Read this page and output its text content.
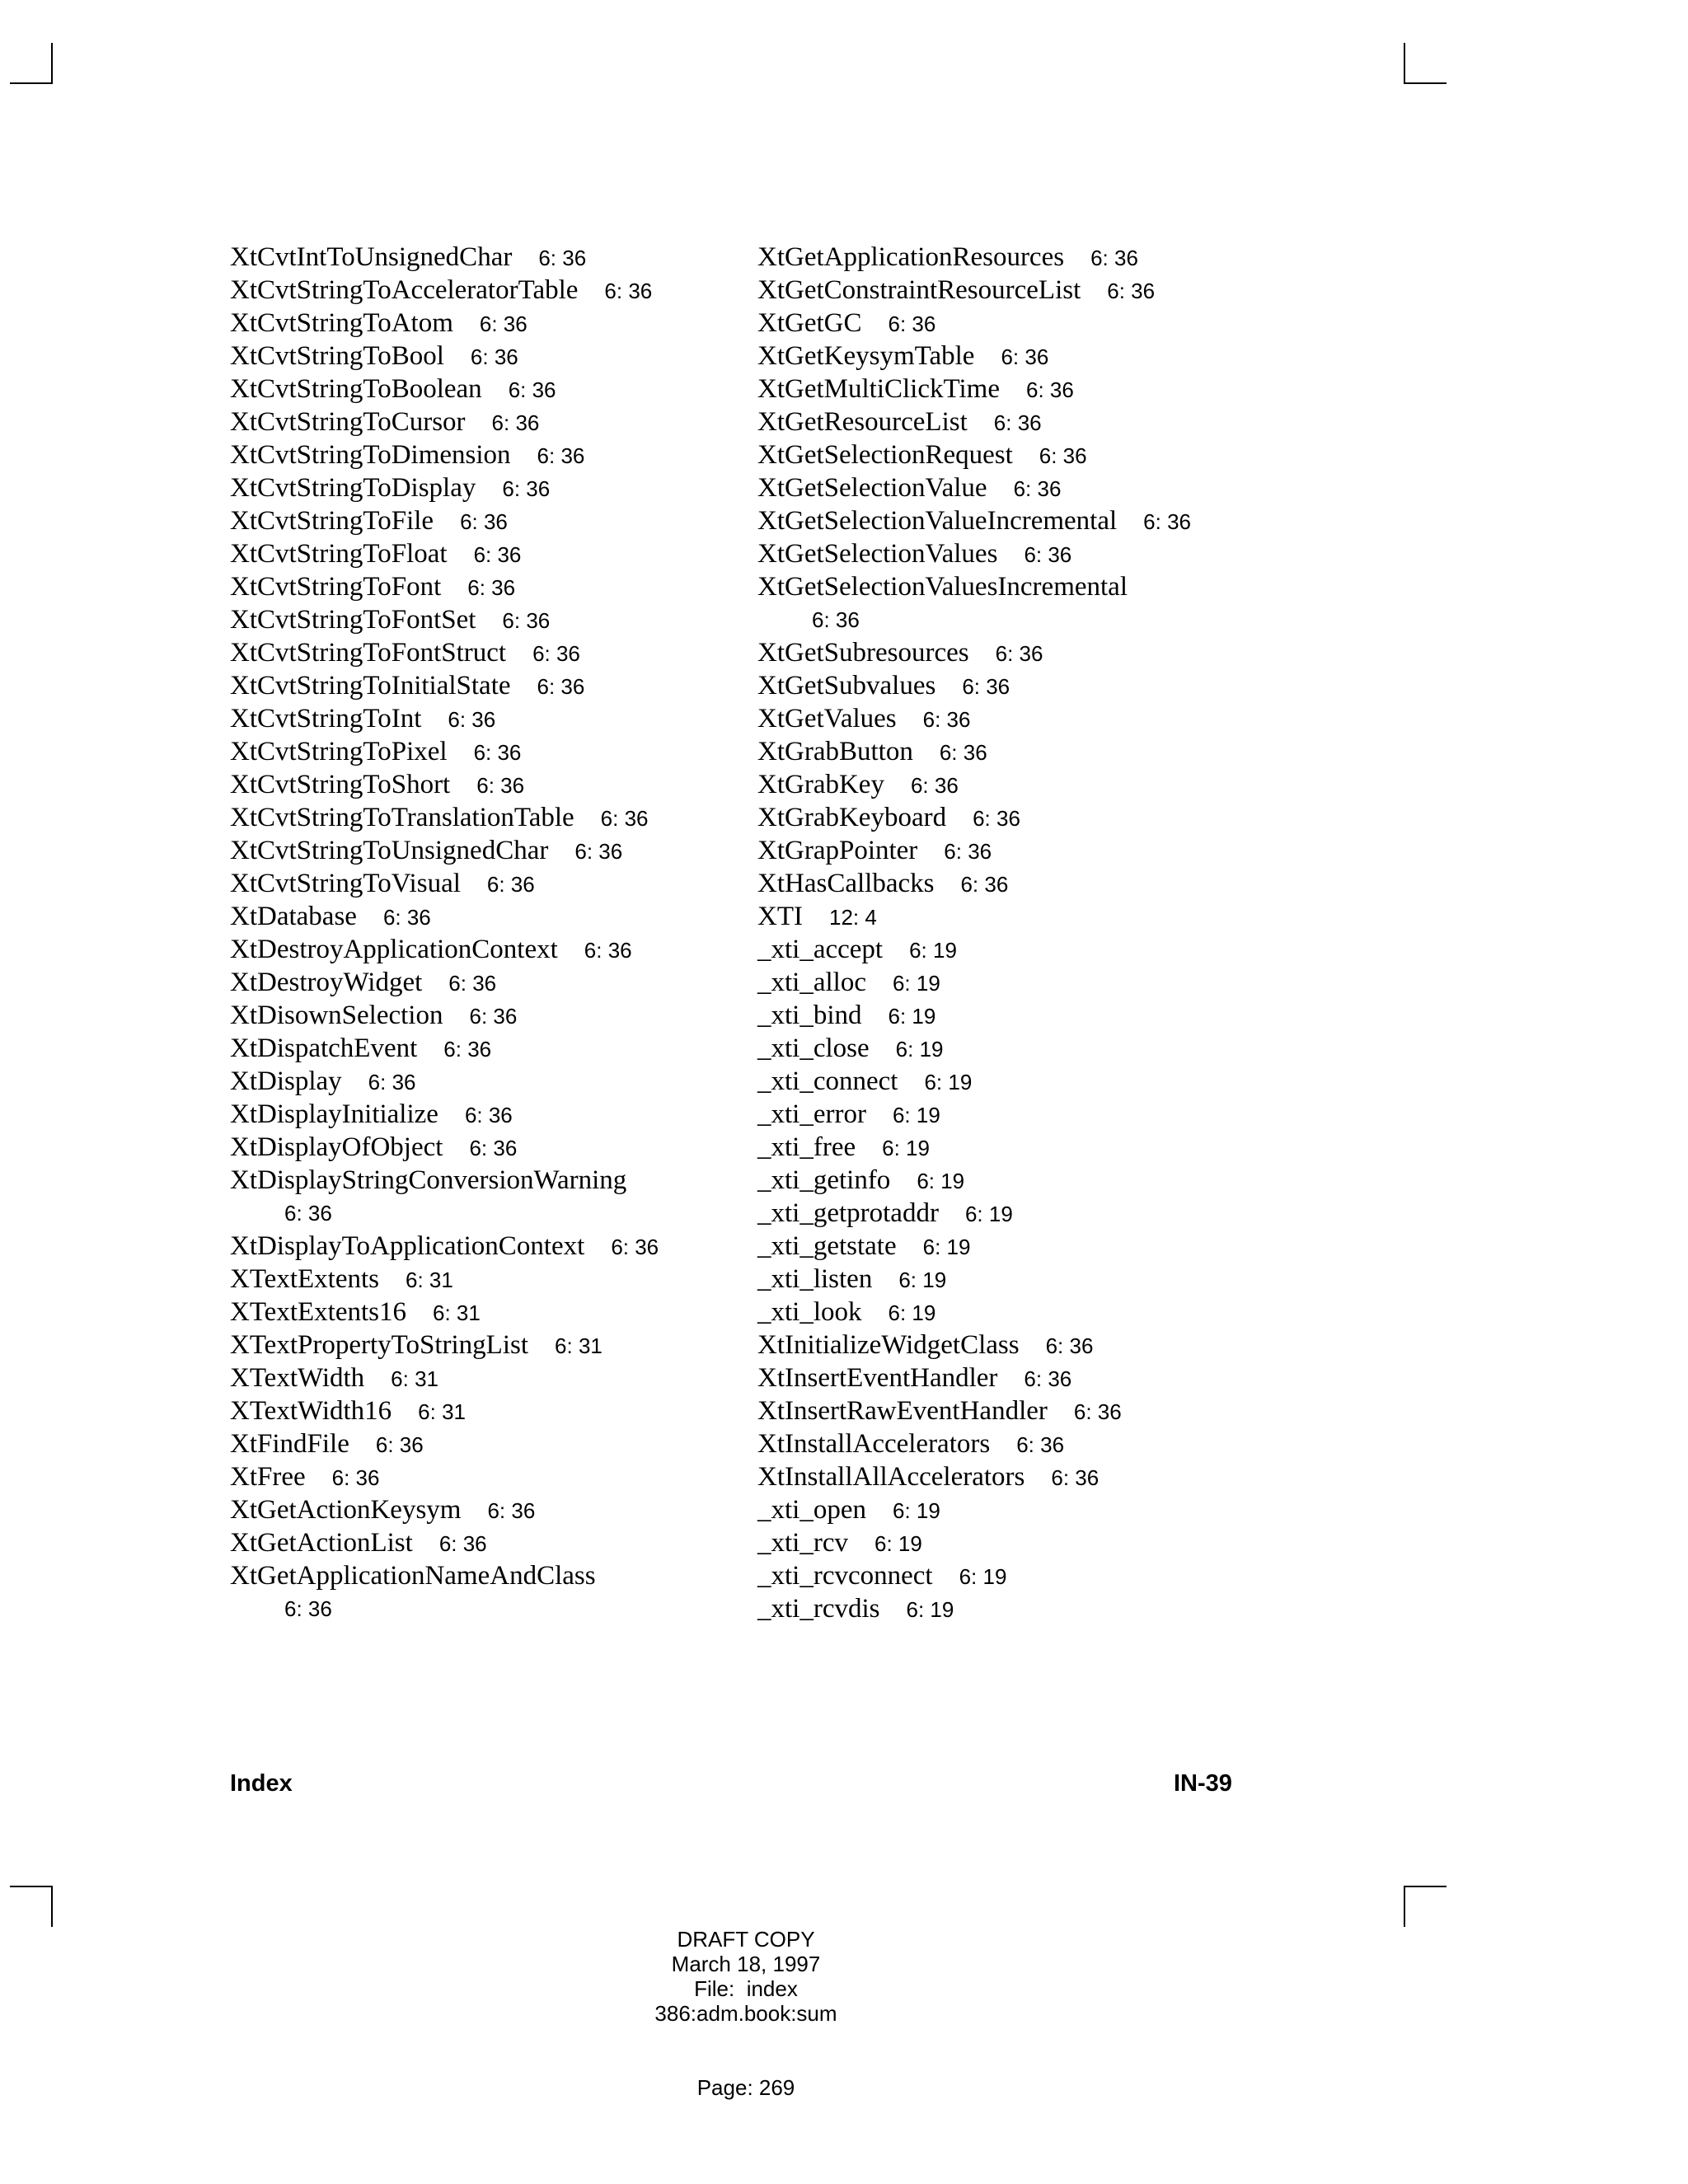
XtCvtIntToUnsignedChar 6: 36
XtCvtStringToAcceleratorTable 6: 36
XtCvtStringToAtom 6: 36
XtCvtStringToBool 6: 36
XtCvtStringToBoolean 6: 36
XtCvtStringToCursor 6: 36
XtCvtStringToDimension 6: 36
XtCvtStringToDisplay 6: 36
XtCvtStringToFile 6: 36
XtCvtStringToFloat 6: 36
XtCvtStringToFont 6: 36
XtCvtStringToFontSet 6: 36
XtCvtStringToFontStruct 6: 36
XtCvtStringToInitialState 6: 36
XtCvtStringToInt 6: 36
XtCvtStringToPixel 6: 36
XtCvtStringToShort 6: 36
XtCvtStringToTranslationTable 6: 36
XtCvtStringToUnsignedChar 6: 36
XtCvtStringToVisual 6: 36
XtDatabase 6: 36
XtDestroyApplicationContext 6: 36
XtDestroyWidget 6: 36
XtDisownSelection 6: 36
XtDispatchEvent 6: 36
XtDisplay 6: 36
XtDisplayInitialize 6: 36
XtDisplayOfObject 6: 36
XtDisplayStringConversionWarning
6: 36
XtDisplayToApplicationContext 6: 36
XTextExtents 6: 31
XTextExtents16 6: 31
XTextPropertyToStringList 6: 31
XTextWidth 6: 31
XTextWidth16 6: 31
XtFindFile 6: 36
XtFree 6: 36
XtGetActionKeysym 6: 36
XtGetActionList 6: 36
XtGetApplicationNameAndClass
6: 36
XtGetApplicationResources 6: 36
XtGetConstraintResourceList 6: 36
XtGetGC 6: 36
XtGetKeysymTable 6: 36
XtGetMultiClickTime 6: 36
XtGetResourceList 6: 36
XtGetSelectionRequest 6: 36
XtGetSelectionValue 6: 36
XtGetSelectionValueIncremental 6: 36
XtGetSelectionValues 6: 36
XtGetSelectionValuesIncremental
6: 36
XtGetSubresources 6: 36
XtGetSubvalues 6: 36
XtGetValues 6: 36
XtGrabButton 6: 36
XtGrabKey 6: 36
XtGrabKeyboard 6: 36
XtGrapPointer 6: 36
XtHasCallbacks 6: 36
XTI 12: 4
_xti_accept 6: 19
_xti_alloc 6: 19
_xti_bind 6: 19
_xti_close 6: 19
_xti_connect 6: 19
_xti_error 6: 19
_xti_free 6: 19
_xti_getinfo 6: 19
_xti_getprotaddr 6: 19
_xti_getstate 6: 19
_xti_listen 6: 19
_xti_look 6: 19
XtInitializeWidgetClass 6: 36
XtInsertEventHandler 6: 36
XtInsertRawEventHandler 6: 36
XtInstallAccelerators 6: 36
XtInstallAllAccelerators 6: 36
_xti_open 6: 19
_xti_rcv 6: 19
_xti_rcvconnect 6: 19
_xti_rcvdis 6: 19
Index	IN-39
DRAFT COPY
March 18, 1997
File:  index
386:adm.book:sum
Page: 269
